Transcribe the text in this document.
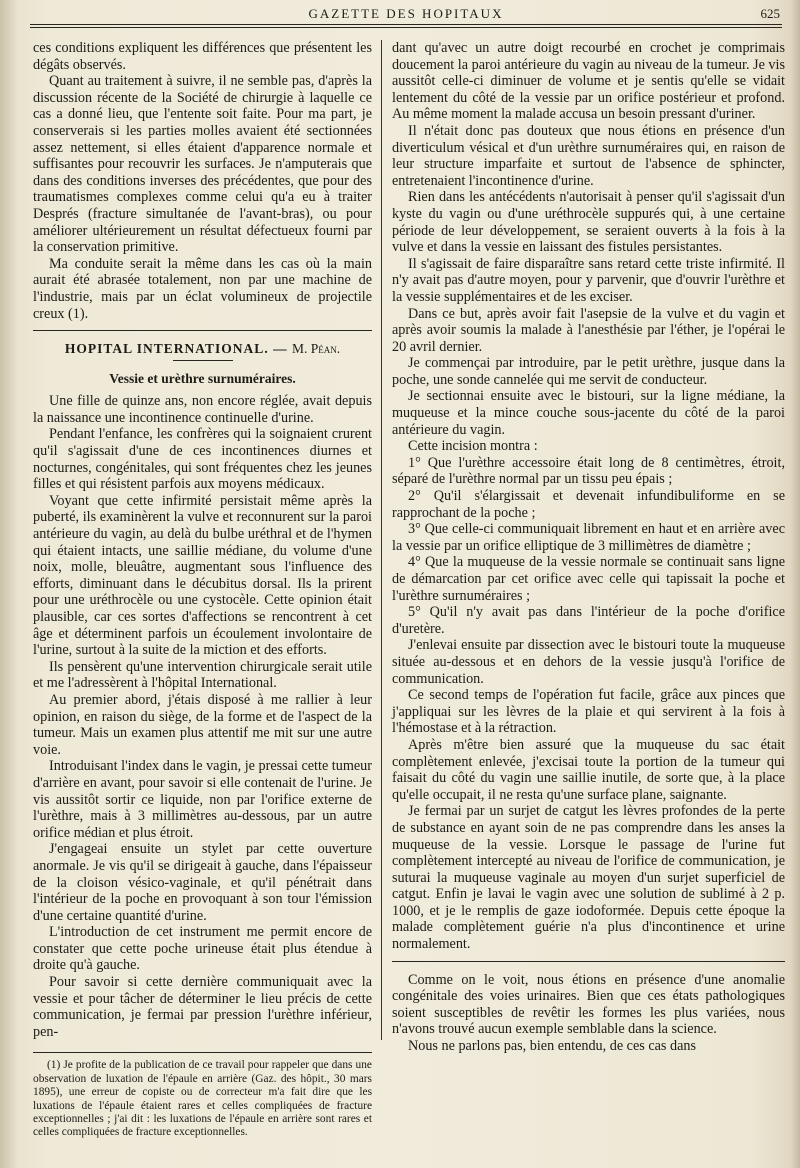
GAZETTE DES HOPITAUX	625

ces conditions expliquent les différences que présentent les dégâts observés.

Quant au traitement à suivre, il ne semble pas, d'après la discussion récente de la Société de chirurgie à laquelle ce cas a donné lieu, que l'entente soit faite. Pour ma part, je conserverais si les parties molles avaient été sectionnées assez nettement, si elles étaient d'apparence normale et suffisantes pour recouvrir les surfaces. Je n'amputerais que dans des conditions inverses des précédentes, que pour des traumatismes complexes comme celui qu'a eu à traiter Després (fracture simultanée de l'avant-bras), ou pour améliorer ultérieurement un résultat défectueux fourni par la conservation primitive.

Ma conduite serait la même dans les cas où la main aurait été abrasée totalement, non par une machine de l'industrie, mais par un éclat volumineux de projectile creux (1).

HOPITAL INTERNATIONAL. — M. Péan.
Vessie et urèthre surnuméraires.

Une fille de quinze ans, non encore réglée, avait depuis la naissance une incontinence continuelle d'urine.

Pendant l'enfance, les confrères qui la soignaient crurent qu'il s'agissait d'une de ces incontinences diurnes et nocturnes, congénitales, qui sont fréquentes chez les jeunes filles et qui résistent parfois aux moyens médicaux.

Voyant que cette infirmité persistait même après la puberté, ils examinèrent la vulve et reconnurent sur la paroi antérieure du vagin, au delà du bulbe uréthral et de l'hymen qui étaient intacts, une saillie médiane, du volume d'une noix, molle, bleuâtre, augmentant sous l'influence des efforts, diminuant dans le décubitus dorsal. Ils la prirent pour une uréthrocèle ou une cystocèle. Cette opinion était plausible, car ces sortes d'affections se rencontrent à cet âge et déterminent parfois un écoulement involontaire de l'urine, surtout à la suite de la miction et des efforts.

Ils pensèrent qu'une intervention chirurgicale serait utile et me l'adressèrent à l'hôpital International.

Au premier abord, j'étais disposé à me rallier à leur opinion, en raison du siège, de la forme et de l'aspect de la tumeur. Mais un examen plus attentif me mit sur une autre voie.

Introduisant l'index dans le vagin, je pressai cette tumeur d'arrière en avant, pour savoir si elle contenait de l'urine. Je vis aussitôt sortir ce liquide, non par l'orifice externe de l'urèthre, mais à 3 millimètres au-dessous, par un autre orifice médian et plus étroit.

J'engageai ensuite un stylet par cette ouverture anormale. Je vis qu'il se dirigeait à gauche, dans l'épaisseur de la cloison vésico-vaginale, et qu'il pénétrait dans l'intérieur de la poche en provoquant à son tour l'émission d'une certaine quantité d'urine.

L'introduction de cet instrument me permit encore de constater que cette poche urineuse était plus étendue à droite qu'à gauche.

Pour savoir si cette dernière communiquait avec la vessie et pour tâcher de déterminer le lieu précis de cette communication, je fermai par pression l'urèthre inférieur, pen-

(1) Je profite de la publication de ce travail pour rappeler que dans une observation de luxation de l'épaule en arrière (Gaz. des hôpit., 30 mars 1895), une erreur de copiste ou de correcteur m'a fait dire que les luxations de l'épaule étaient rares et celles compliquées de fracture exceptionnelles ; j'ai dit : les luxations de l'épaule en arrière sont rares et celles compliquées de fracture exceptionnelles.

dant qu'avec un autre doigt recourbé en crochet je comprimais doucement la paroi antérieure du vagin au niveau de la tumeur. Je vis aussitôt celle-ci diminuer de volume et je sentis qu'elle se vidait lentement du côté de la vessie par un orifice postérieur et profond. Au même moment la malade accusa un besoin pressant d'uriner.

Il n'était donc pas douteux que nous étions en présence d'un diverticulum vésical et d'un urèthre surnuméraires qui, en raison de leur structure imparfaite et surtout de l'absence de sphincter, entretenaient l'incontinence d'urine.

Rien dans les antécédents n'autorisait à penser qu'il s'agissait d'un kyste du vagin ou d'une uréthrocèle suppurés qui, à une certaine période de leur développement, se seraient ouverts à la fois à la vulve et dans la vessie en laissant des fistules persistantes.

Il s'agissait de faire disparaître sans retard cette triste infirmité. Il n'y avait pas d'autre moyen, pour y parvenir, que d'ouvrir l'urèthre et la vessie supplémentaires et de les exciser.

Dans ce but, après avoir fait l'asepsie de la vulve et du vagin et après avoir soumis la malade à l'anesthésie par l'éther, je l'opérai le 20 avril dernier.

Je commençai par introduire, par le petit urèthre, jusque dans la poche, une sonde cannelée qui me servit de conducteur.

Je sectionnai ensuite avec le bistouri, sur la ligne médiane, la muqueuse et la mince couche sous-jacente du côté de la paroi antérieure du vagin.

Cette incision montra :

1° Que l'urèthre accessoire était long de 8 centimètres, étroit, séparé de l'urèthre normal par un tissu peu épais ;

2° Qu'il s'élargissait et devenait infundibuliforme en se rapprochant de la poche ;

3° Que celle-ci communiquait librement en haut et en arrière avec la vessie par un orifice elliptique de 3 millimètres de diamètre ;

4° Que la muqueuse de la vessie normale se continuait sans ligne de démarcation par cet orifice avec celle qui tapissait la poche et l'urèthre surnuméraires ;

5° Qu'il n'y avait pas dans l'intérieur de la poche d'orifice d'uretère.

J'enlevai ensuite par dissection avec le bistouri toute la muqueuse située au-dessous et en dehors de la vessie jusqu'à l'orifice de communication.

Ce second temps de l'opération fut facile, grâce aux pinces que j'appliquai sur les lèvres de la plaie et qui servirent à la fois à l'hémostase et à la rétraction.

Après m'être bien assuré que la muqueuse du sac était complètement enlevée, j'excisai toute la portion de la tumeur qui faisait du côté du vagin une saillie inutile, de sorte que, à la place qu'elle occupait, il ne resta qu'une surface plane, saignante.

Je fermai par un surjet de catgut les lèvres profondes de la perte de substance en ayant soin de ne pas comprendre dans les anses la muqueuse de la vessie. Lorsque le passage de l'urine fut complètement intercepté au niveau de l'orifice de communication, je suturai la muqueuse vaginale au moyen d'un surjet superficiel de catgut. Enfin je lavai le vagin avec une solution de sublimé à 2 p. 1000, et je le remplis de gaze iodoformée. Depuis cette époque la malade complètement guérie n'a plus d'incontinence et urine normalement.

Comme on le voit, nous étions en présence d'une anomalie congénitale des voies urinaires. Bien que ces états pathologiques soient susceptibles de revêtir les formes les plus variées, nous n'avons trouvé aucun exemple semblable dans la science.

Nous ne parlons pas, bien entendu, de ces cas dans
